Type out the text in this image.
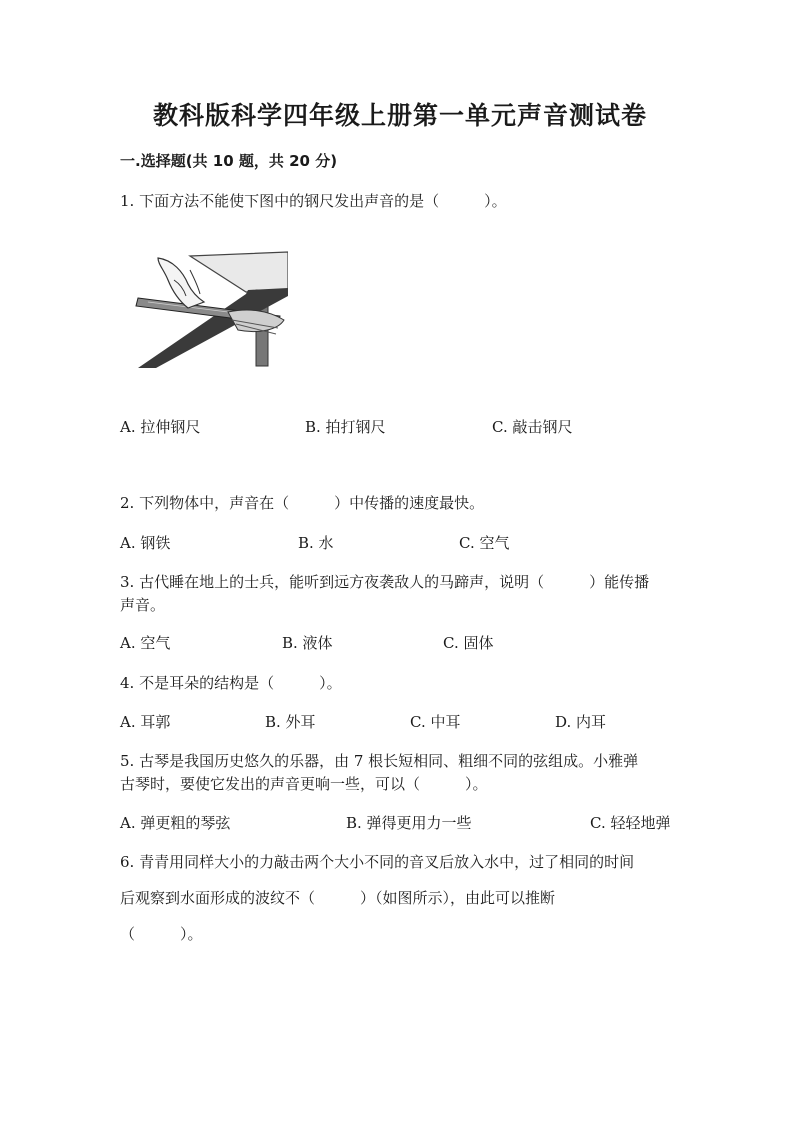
教科版科学四年级上册第一单元声音测试卷
一.选择题(共 10 题，共 20 分)
1. 下面方法不能使下图中的钢尺发出声音的是（　　　）。
A. 拉伸钢尺	B. 拍打钢尺	C. 敲击钢尺
2. 下列物体中，声音在（　　　）中传播的速度最快。
A. 钢铁	B. 水	C. 空气
3. 古代睡在地上的士兵，能听到远方夜袭敌人的马蹄声，说明（　　　）能传播
声音。
A. 空气	B. 液体	C. 固体
4. 不是耳朵的结构是（　　　）。
A. 耳郭	B. 外耳	C. 中耳	D. 内耳
5. 古琴是我国历史悠久的乐器，由 7 根长短相同、粗细不同的弦组成。小雅弹
古琴时，要使它发出的声音更响一些，可以（　　　）。
A. 弹更粗的琴弦	B. 弹得更用力一些	C. 轻轻地弹
6. 青青用同样大小的力敲击两个大小不同的音叉后放入水中，过了相同的时间
后观察到水面形成的波纹不（　　　）（如图所示），由此可以推断
（　　　）。
